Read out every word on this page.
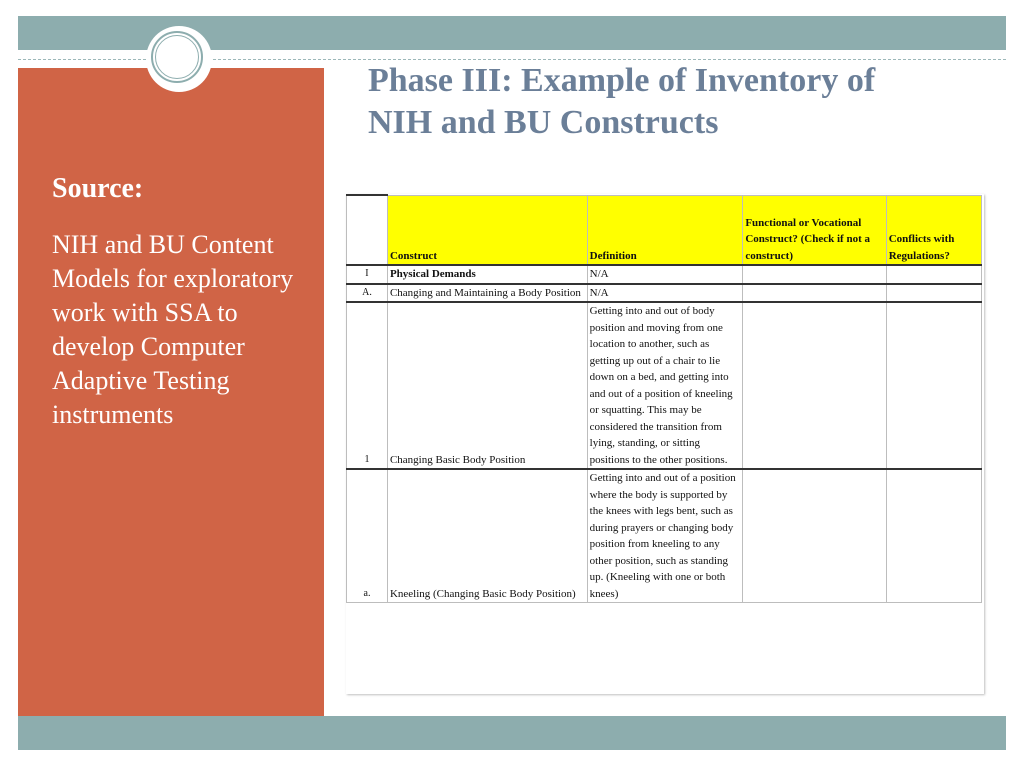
Source:

NIH and BU Content Models for exploratory work with SSA to develop Computer Adaptive Testing instruments

Phase III: Example of Inventory of NIH and BU Constructs
	Construct	Definition	Functional or Vocational Construct? (Check if not a construct)	Conflicts with Regulations?
I	Physical Demands	N/A		
A.	Changing and Maintaining a Body Position	N/A		
1	Changing Basic Body Position	Getting into and out of body position and moving from one location to another, such as getting up out of a chair to lie down on a bed, and getting into and out of a position of kneeling or squatting. This may be considered the transition from lying, standing, or sitting positions to the other positions.		
a.	Kneeling (Changing Basic Body Position)	Getting into and out of a position where the body is supported by the knees with legs bent, such as during prayers or changing body position from kneeling to any other position, such as standing up. (Kneeling with one or both knees)		
